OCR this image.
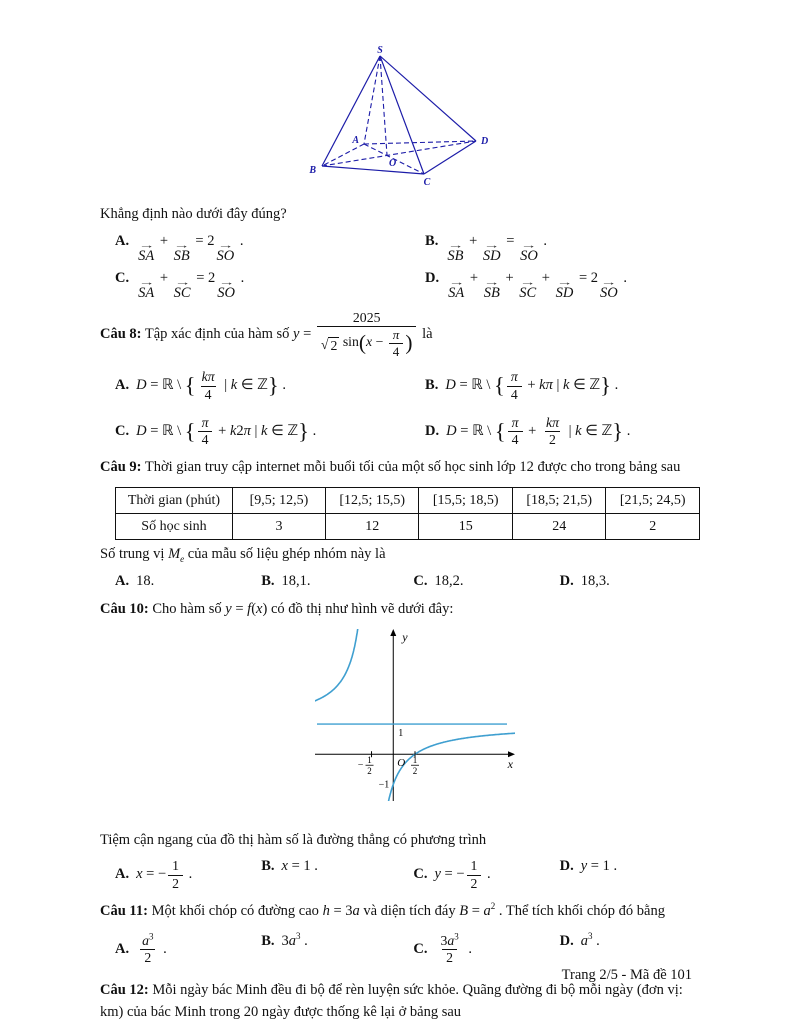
S
A
B
C
D
O
Khẳng định nào dưới đây đúng?
A. →
SA
+ →
SB
= 2 →
SO
.	B. →
SB
+ →
SD
= →
SO
.
C. →
SA
+ →
SC
= 2 →
SO
.	D. →
SA
+ →
SB
+ →
SC
+ →
SD
= 2 →
SO
.
Câu 8: Tập xác định của hàm số $y = \frac{2025}{√ 2 \sin(x - \frac{\pi}{4} )}$ là
A. D = ℝ \ { $\frac{k\pi}{4}$ | k ∈ ℤ} .	B. D = ℝ \ { $\frac{\pi}{4} + k\pi$ | k ∈ ℤ} .
C. D = ℝ \ { $\frac{\pi}{4} + k2\pi$ | k ∈ ℤ} .	D. D = ℝ \ { $\frac{\pi}{4} + \frac{k\pi}{2}$ | k ∈ ℤ} .
Câu 9: Thời gian truy cập internet mỗi buổi tối của một số học sinh lớp 12 được cho trong bảng sau
Thời gian (phút)	[9,5; 12,5)	[12,5; 15,5)	[15,5; 18,5)	[18,5; 21,5)	[21,5; 24,5)
Số học sinh	3	12	15	24	2
Số trung vị $M_e$ của mẫu số liệu ghép nhóm này là
A. 18.	B. 18,1.	C. 18,2.	D. 18,3.
Câu 10: Cho hàm số y = f(x) có đồ thị như hình vẽ dưới đây:
y
x
O
1
−1
− 1
2
1
2
Tiệm cận ngang của đồ thị hàm số là đường thẳng có phương trình
A. x = − $\frac{1}{2}$ .
B. x = 1 .
C. y = − $\frac{1}{2}$ .
D. y = 1 .
Câu 11: Một khối chóp có đường cao h = 3a và diện tích đáy $B = a^2$ . Thể tích khối chóp đó bằng
A. $\frac{a^3}{2}$ .
B. $3a^3$ .
C. $\frac{3a^3}{2}$ .
D. $a^3$ .
Câu 12: Mỗi ngày bác Minh đều đi bộ để rèn luyện sức khỏe. Quãng đường đi bộ mỗi ngày (đơn vị: km) của bác Minh trong 20 ngày được thống kê lại ở bảng sau
Trang 2/5 - Mã đề 101
